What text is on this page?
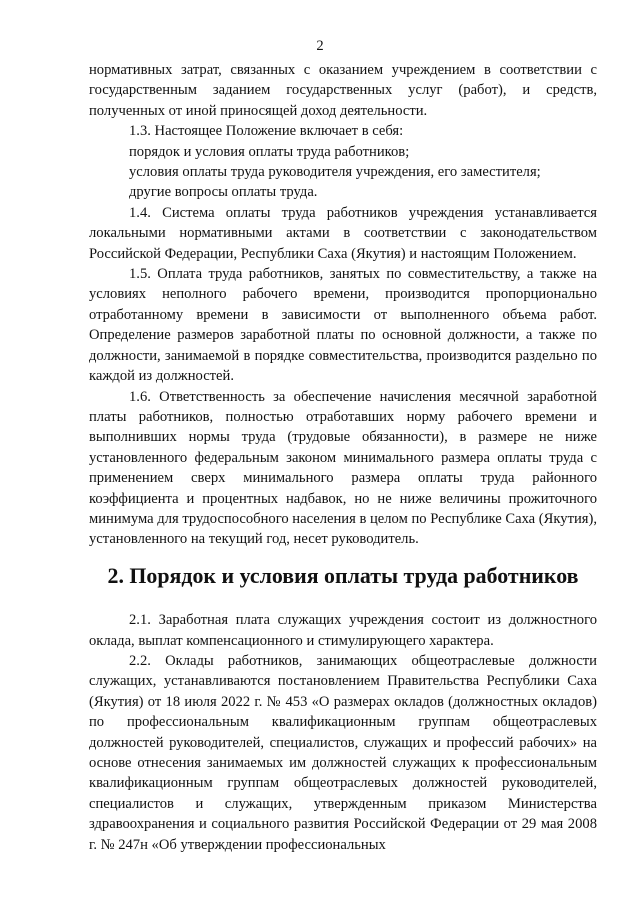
2

нормативных затрат, связанных с оказанием учреждением в соответствии с государственным заданием государственных услуг (работ), и средств, полученных от иной приносящей доход деятельности.

1.3. Настоящее Положение включает в себя:

порядок и условия оплаты труда работников;

условия оплаты труда руководителя учреждения, его заместителя;

другие вопросы оплаты труда.

1.4. Система оплаты труда работников учреждения устанавливается локальными нормативными актами в соответствии с законодательством Российской Федерации, Республики Саха (Якутия) и настоящим Положением.

1.5. Оплата труда работников, занятых по совместительству, а также на условиях неполного рабочего времени, производится пропорционально отработанному времени в зависимости от выполненного объема работ. Определение размеров заработной платы по основной должности, а также по должности, занимаемой в порядке совместительства, производится раздельно по каждой из должностей.

1.6. Ответственность за обеспечение начисления месячной заработной платы работников, полностью отработавших норму рабочего времени и выполнивших нормы труда (трудовые обязанности), в размере не ниже установленного федеральным законом минимального размера оплаты труда с применением сверх минимального размера оплаты труда районного коэффициента и процентных надбавок, но не ниже величины прожиточного минимума для трудоспособного населения в целом по Республике Саха (Якутия), установленного на текущий год, несет руководитель.

2. Порядок и условия оплаты труда работников

2.1. Заработная плата служащих учреждения состоит из должностного оклада, выплат компенсационного и стимулирующего характера.

2.2. Оклады работников, занимающих общеотраслевые должности служащих, устанавливаются постановлением Правительства Республики Саха (Якутия) от 18 июля 2022 г. № 453 «О размерах окладов (должностных окладов) по профессиональным квалификационным группам общеотраслевых должностей руководителей, специалистов, служащих и профессий рабочих» на основе отнесения занимаемых им должностей служащих к профессиональным квалификационным группам общеотраслевых должностей руководителей, специалистов и служащих, утвержденным приказом Министерства здравоохранения и социального развития Российской Федерации от 29 мая 2008 г. № 247н «Об утверждении профессиональных
